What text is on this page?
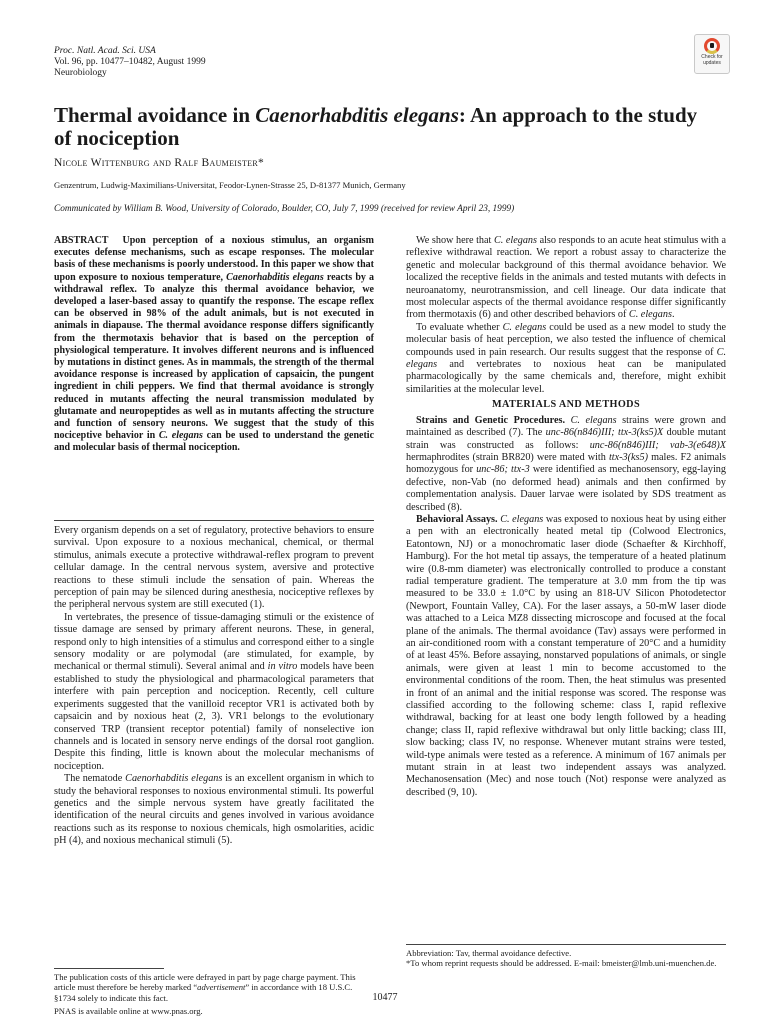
Proc. Natl. Acad. Sci. USA
Vol. 96, pp. 10477–10482, August 1999
Neurobiology
Check for
updates
Thermal avoidance in Caenorhabditis elegans: An approach to the study of nociception
Nicole Wittenburg and Ralf Baumeister*
Genzentrum, Ludwig-Maximilians-Universitat, Feodor-Lynen-Strasse 25, D-81377 Munich, Germany
Communicated by William B. Wood, University of Colorado, Boulder, CO, July 7, 1999 (received for review April 23, 1999)
ABSTRACT Upon perception of a noxious stimulus, an organism executes defense mechanisms, such as escape responses. The molecular basis of these mechanisms is poorly understood. In this paper we show that upon exposure to noxious temperature, Caenorhabditis elegans reacts by a withdrawal reflex. To analyze this thermal avoidance behavior, we developed a laser-based assay to quantify the response. The escape reflex can be observed in 98% of the adult animals, but is not executed in animals in diapause. The thermal avoidance response differs significantly from the thermotaxis behavior that is based on the perception of physiological temperature. It involves different neurons and is influenced by mutations in distinct genes. As in mammals, the strength of the thermal avoidance response is increased by application of capsaicin, the pungent ingredient in chili peppers. We find that thermal avoidance is strongly reduced in mutants affecting the neural transmission modulated by glutamate and neuropeptides as well as in mutants affecting the structure and function of sensory neurons. We suggest that the study of this nociceptive behavior in C. elegans can be used to understand the genetic and molecular basis of thermal nociception.

Every organism depends on a set of regulatory, protective behaviors to ensure survival. Upon exposure to a noxious mechanical, chemical, or thermal stimulus, animals execute a protective withdrawal-reflex program to prevent cellular damage. In the central nervous system, aversive and protective reactions to these stimuli include the sensation of pain. Whereas the perception of pain may be silenced during anesthesia, nociceptive reflexes by the peripheral nervous system are still executed (1).

In vertebrates, the presence of tissue-damaging stimuli or the existence of tissue damage are sensed by primary afferent neurons. These, in general, respond only to high intensities of a stimulus and correspond either to a single sensory modality or are polymodal (are stimulated, for example, by mechanical or thermal stimuli). Several animal and in vitro models have been established to study the physiological and pharmacological parameters that interfere with pain perception and nociception. Recently, cell culture experiments suggested that the vanilloid receptor VR1 is activated both by capsaicin and by noxious heat (2, 3). VR1 belongs to the evolutionary conserved TRP (transient receptor potential) family of nonselective ion channels and is located in sensory nerve endings of the dorsal root ganglion. Despite this finding, little is known about the molecular mechanisms of nociception.

The nematode Caenorhabditis elegans is an excellent organism in which to study the behavioral responses to noxious environmental stimuli. Its powerful genetics and the simple nervous system have greatly facilitated the identification of the neural circuits and genes involved in various avoidance reactions such as its response to noxious chemicals, high osmolarities, acidic pH (4), and noxious mechanical stimuli (5).

The publication costs of this article were defrayed in part by page charge payment. This article must therefore be hereby marked “advertisement” in accordance with 18 U.S.C. §1734 solely to indicate this fact.

PNAS is available online at www.pnas.org.

We show here that C. elegans also responds to an acute heat stimulus with a reflexive withdrawal reaction. We report a robust assay to characterize the genetic and molecular background of this thermal avoidance behavior. We localized the receptive fields in the animals and tested mutants with defects in neuroanatomy, neurotransmission, and cell lineage. Our data indicate that most molecular aspects of the thermal avoidance response differ significantly from thermotaxis (6) and other described behaviors of C. elegans.

To evaluate whether C. elegans could be used as a new model to study the molecular basis of heat perception, we also tested the influence of chemical compounds used in pain research. Our results suggest that the response of C. elegans and vertebrates to noxious heat can be manipulated pharmacologically by the same chemicals and, therefore, might exhibit similarities at the molecular level.

MATERIALS AND METHODS

Strains and Genetic Procedures. C. elegans strains were grown and maintained as described (7). The unc-86(n846)III; ttx-3(ks5)X double mutant strain was constructed as follows: unc-86(n846)III; vab-3(e648)X hermaphrodites (strain BR820) were mated with ttx-3(ks5) males. F2 animals homozygous for unc-86; ttx-3 were identified as mechanosensory, egg-laying defective, non-Vab (no deformed head) animals and then confirmed by complementation analysis. Dauer larvae were isolated by SDS treatment as described (8).

Behavioral Assays. C. elegans was exposed to noxious heat by using either a pen with an electronically heated metal tip (Colwood Electronics, Eatontown, NJ) or a monochromatic laser diode (Schaefter & Kirchhoff, Hamburg). For the hot metal tip assays, the temperature of a heated platinum wire (0.8-mm diameter) was electronically controlled to produce a constant radial temperature gradient. The temperature at 3.0 mm from the tip was measured to be 33.0 ± 1.0°C by using an 818-UV Silicon Photodetector (Newport, Fountain Valley, CA). For the laser assays, a 50-mW laser diode was attached to a Leica MZ8 dissecting microscope and focused at the focal plane of the animals. The thermal avoidance (Tav) assays were performed in an air-conditioned room with a constant temperature of 20°C and a humidity of at least 45%. Before assaying, nonstarved populations of animals, or single animals, were given at least 1 min to become accustomed to the environmental conditions of the room. Then, the heat stimulus was presented in front of an animal and the initial response was scored. The response was classified according to the following scheme: class I, rapid reflexive withdrawal, backing for at least one body length followed by a heading change; class II, rapid reflexive withdrawal but only little backing; class III, slow backing; class IV, no response. Whenever mutant strains were tested, wild-type animals were tested as a reference. A minimum of 167 animals per mutant strain in at least two independent assays was analyzed. Mechanosensation (Mec) and nose touch (Not) response were analyzed as described (9, 10).

Abbreviation: Tav, thermal avoidance defective.

*To whom reprint requests should be addressed. E-mail: bmeister@lmb.uni-muenchen.de.

10477
